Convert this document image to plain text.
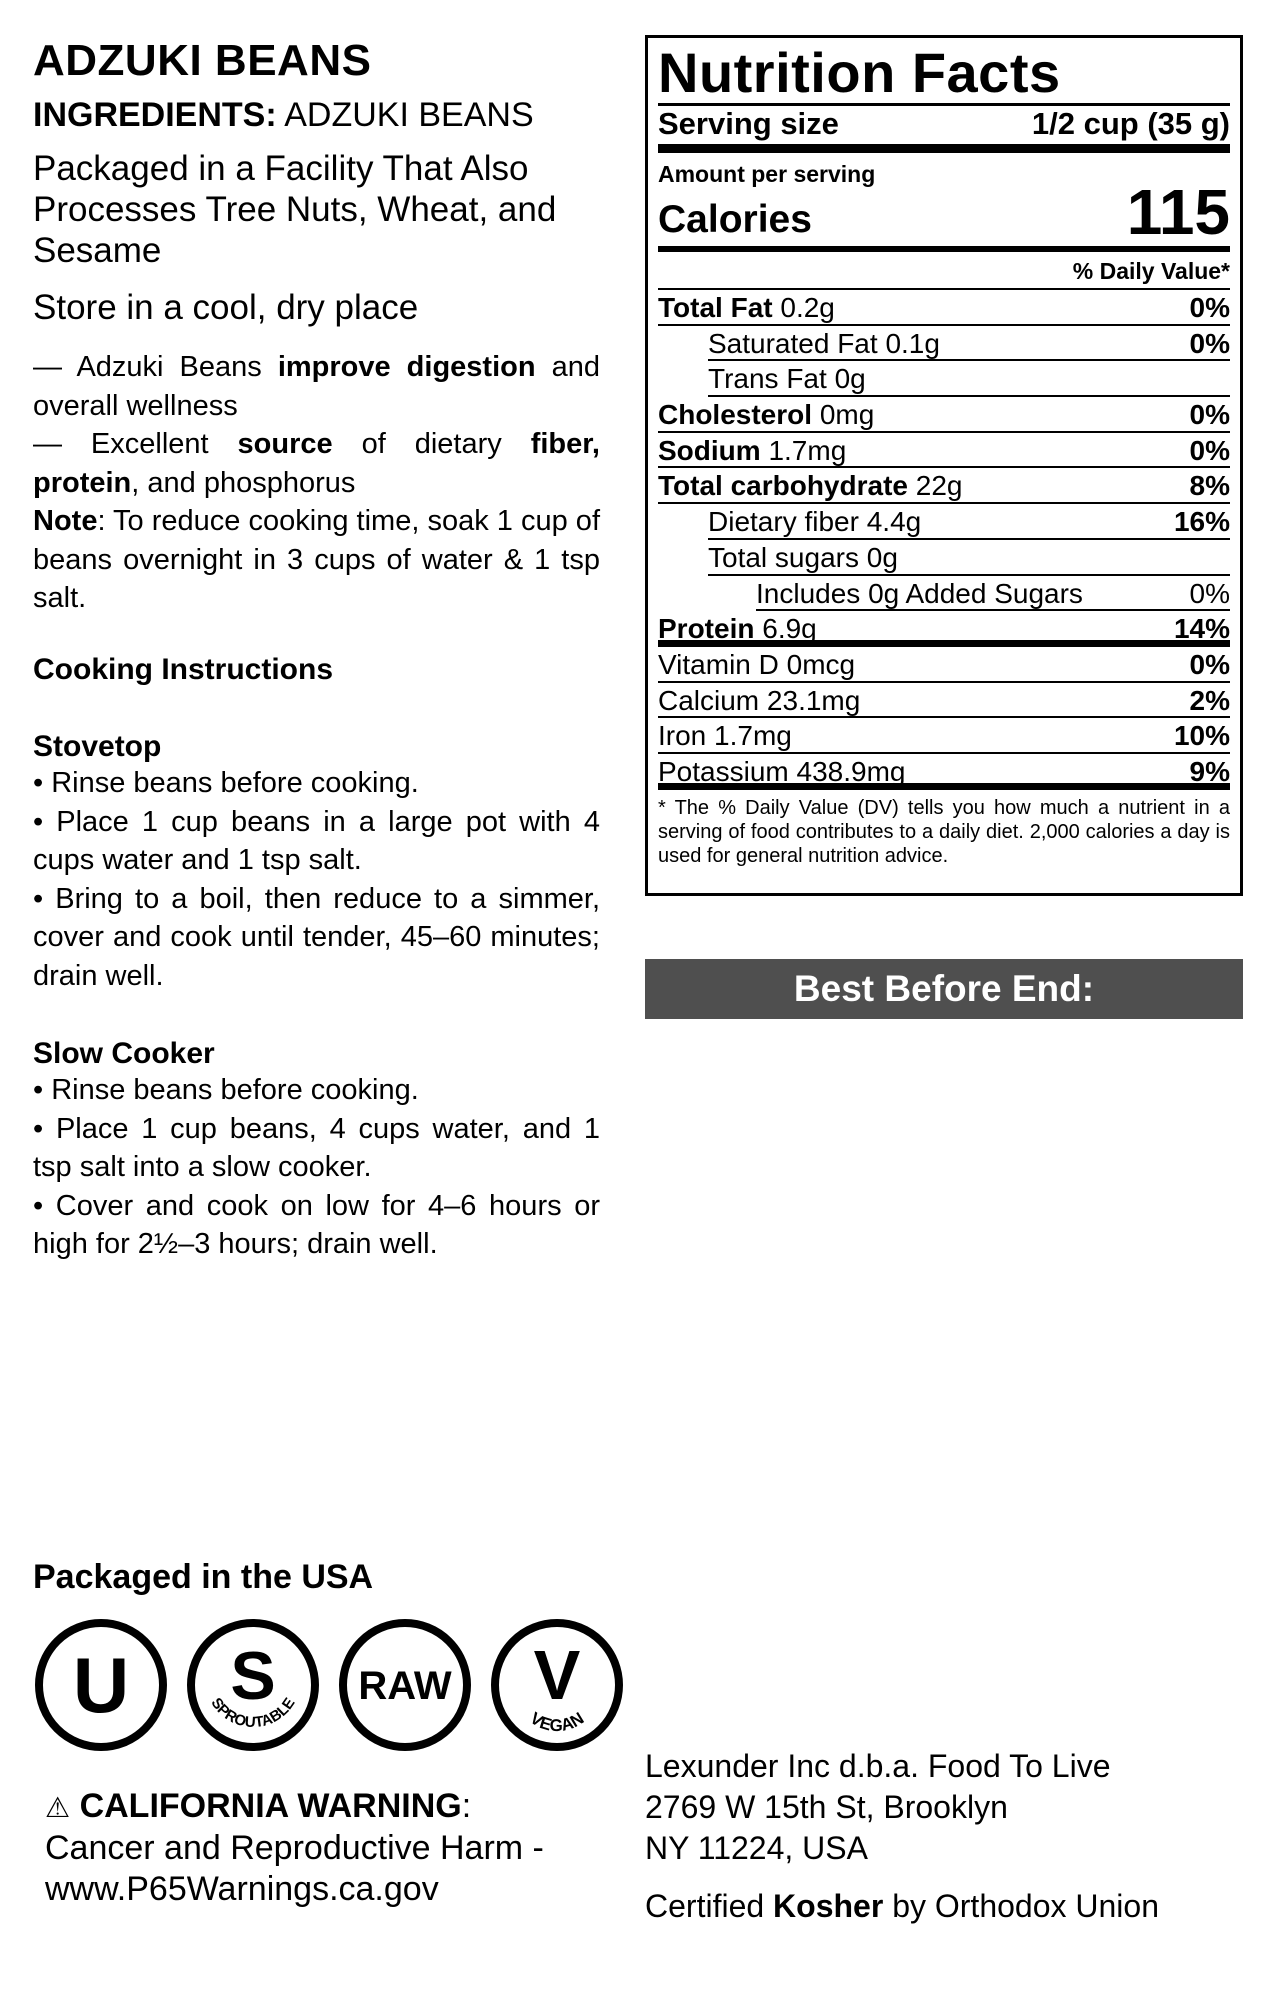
ADZUKI BEANS
INGREDIENTS: ADZUKI BEANS
Packaged in a Facility That Also Processes Tree Nuts, Wheat, and Sesame
Store in a cool, dry place
— Adzuki Beans improve digestion and overall wellness
— Excellent source of dietary fiber, protein, and phosphorus
Note: To reduce cooking time, soak 1 cup of beans overnight in 3 cups of water & 1 tsp salt.
Cooking Instructions
Stovetop
• Rinse beans before cooking.
• Place 1 cup beans in a large pot with 4 cups water and 1 tsp salt.
• Bring to a boil, then reduce to a simmer, cover and cook until tender, 45–60 minutes; drain well.
Slow Cooker
• Rinse beans before cooking.
• Place 1 cup beans, 4 cups water, and 1 tsp salt into a slow cooker.
• Cover and cook on low for 4–6 hours or high for 2½–3 hours; drain well.
Packaged in the USA
U S
SPROUTABLE RAW V
VEGAN
⚠ CALIFORNIA WARNING:
Cancer and Reproductive Harm - www.P65Warnings.ca.gov
Lexunder Inc d.b.a. Food To Live
2769 W 15th St, Brooklyn
NY 11224, USA
Certified Kosher by Orthodox Union
Nutrition Facts
Serving size	1/2 cup (35 g)
Amount per serving
Calories	115
% Daily Value*
Total Fat 0.2g	0%
Saturated Fat 0.1g	0%
Trans Fat 0g
Cholesterol 0mg	0%
Sodium 1.7mg	0%
Total carbohydrate 22g	8%
Dietary fiber 4.4g	16%
Total sugars 0g
Includes 0g Added Sugars	0%
Protein 6.9g	14%
Vitamin D 0mcg	0%
Calcium 23.1mg	2%
Iron 1.7mg	10%
Potassium 438.9mg	9%
* The % Daily Value (DV) tells you how much a nutrient in a serving of food contributes to a daily diet. 2,000 calories a day is used for general nutrition advice.
Best Before End:
